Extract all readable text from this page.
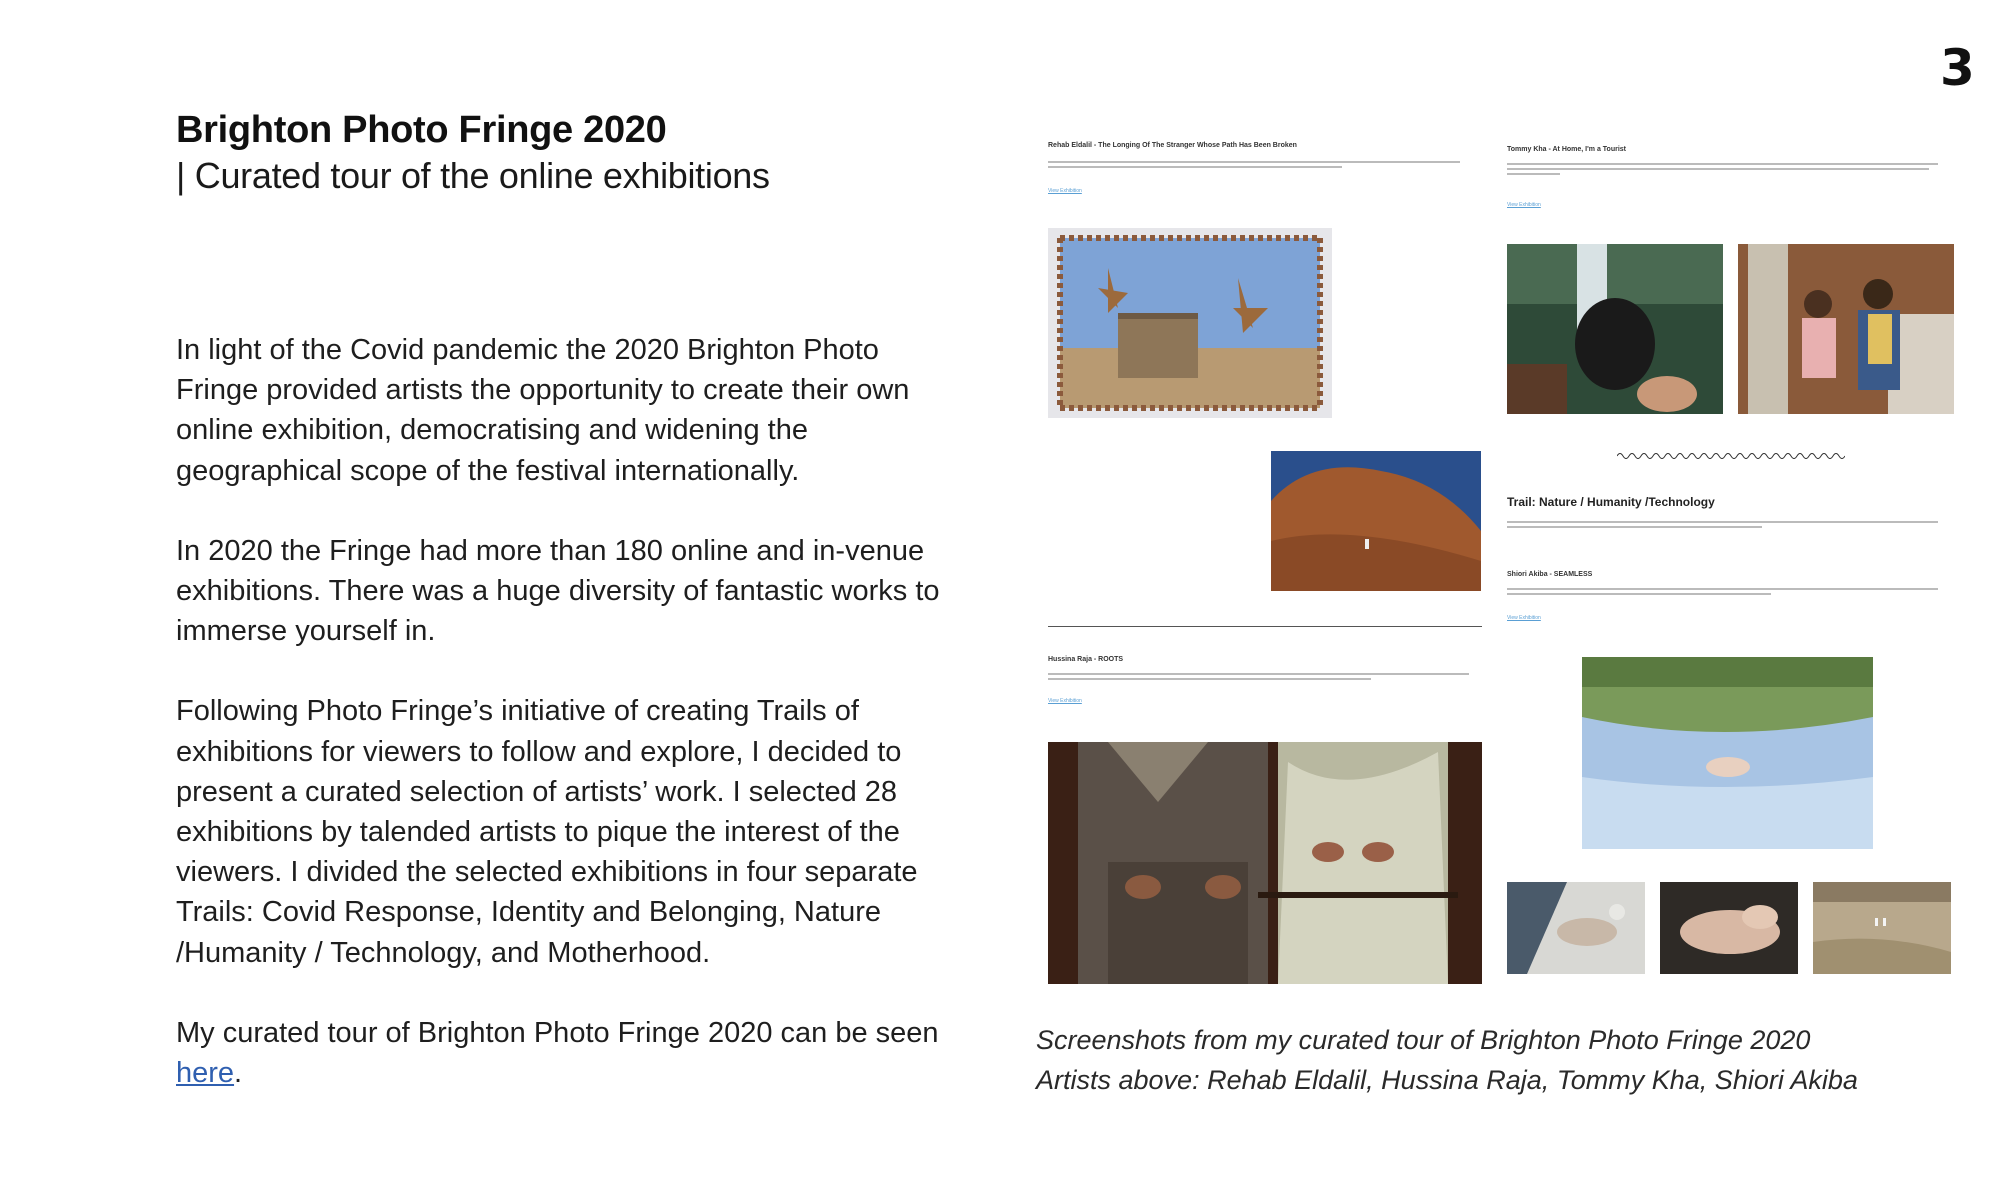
3
Brighton Photo Fringe 2020
| Curated tour of the online exhibitions

In light of the Covid pandemic the 2020 Brighton Photo Fringe provided artists the opportunity to create their own online exhibition, democratising and widening the geographical scope of the festival internationally.

In 2020 the Fringe had more than 180 online and in-venue exhibitions. There was a huge diversity of fantastic works to immerse yourself in.

Following Photo Fringe’s initiative of creating Trails of exhibitions for viewers to follow and explore, I decided to present a curated selection of artists’ work. I selected 28 exhibitions by talended artists to pique the interest of the viewers. I divided the selected exhibitions in four separate Trails: Covid Response, Identity and Belonging, Nature /Humanity / Technology, and Motherhood.

My curated tour of Brighton Photo Fringe 2020 can be seen here.

Rehab Eldalil - The Longing Of The Stranger Whose Path Has Been Broken
View Exhibition
Hussina Raja - ROOTS
View Exhibition
Tommy Kha - At Home, I'm a Tourist
View Exhibition
Trail: Nature / Humanity /Technology
Shiori Akiba - SEAMLESS
View Exhibition
Screenshots from my curated tour of Brighton Photo Fringe 2020
Artists above: Rehab Eldalil, Hussina Raja, Tommy Kha, Shiori Akiba
